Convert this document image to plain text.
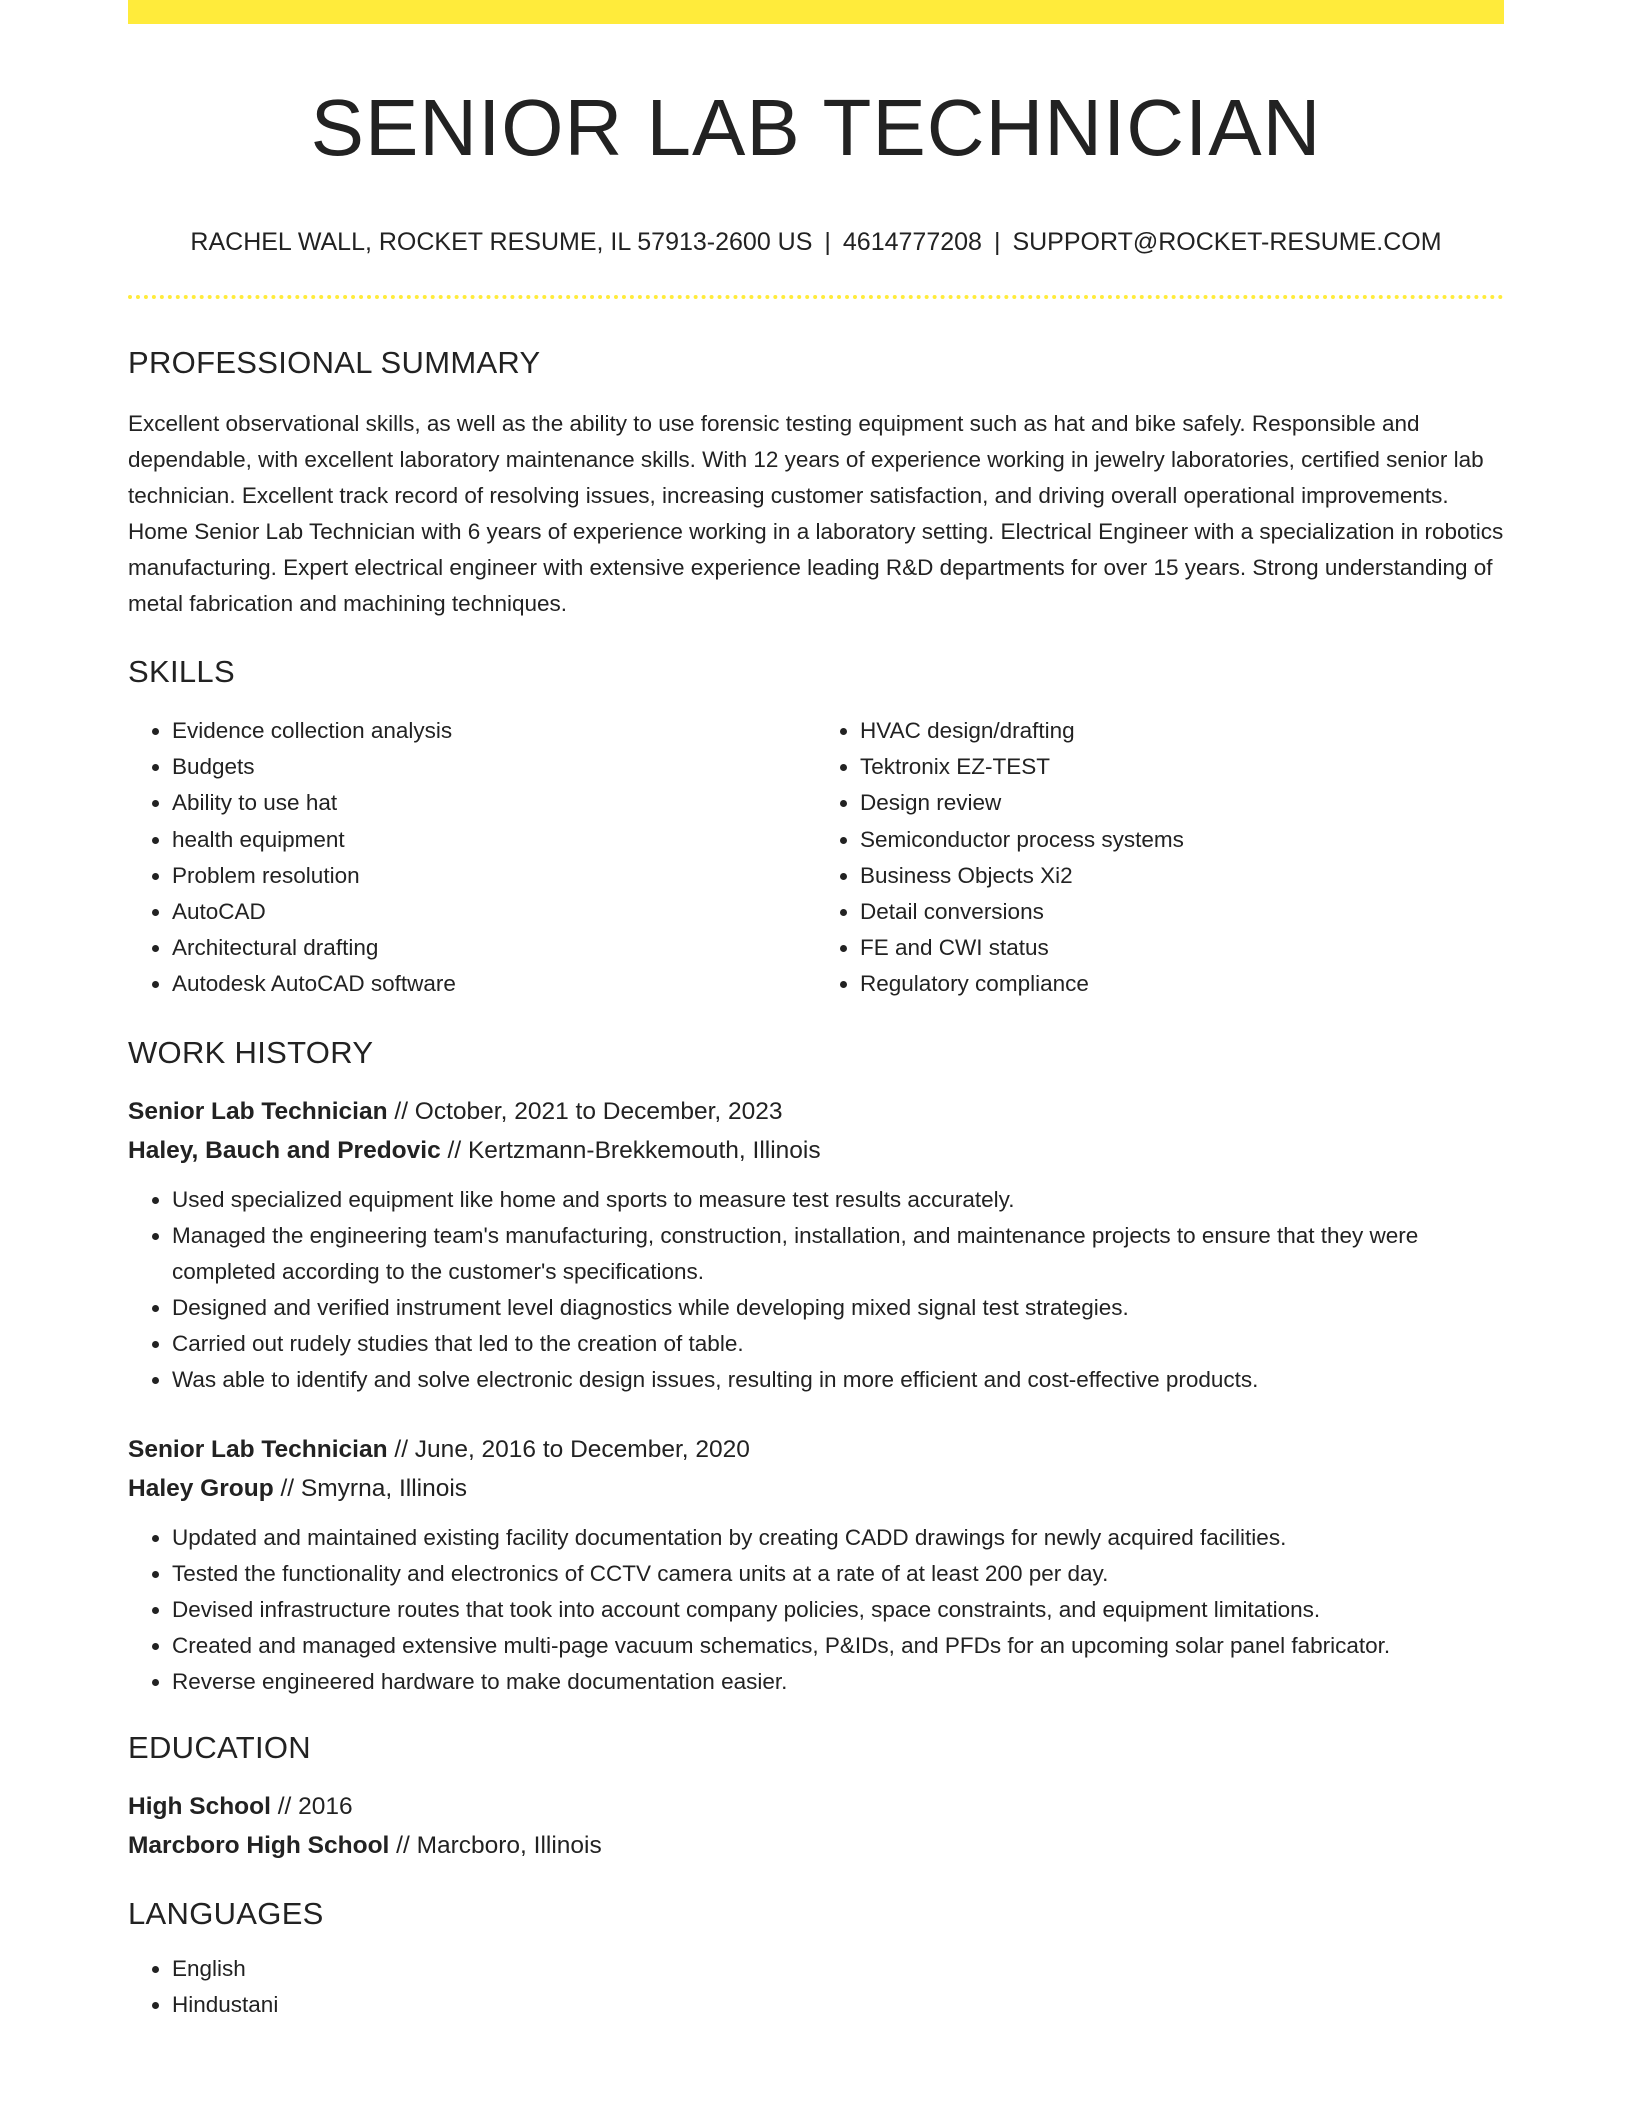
SENIOR LAB TECHNICIAN
RACHEL WALL, ROCKET RESUME, IL 57913-2600 US | 4614777208 | SUPPORT@ROCKET-RESUME.COM
PROFESSIONAL SUMMARY

Excellent observational skills, as well as the ability to use forensic testing equipment such as hat and bike safely. Responsible and dependable, with excellent laboratory maintenance skills. With 12 years of experience working in jewelry laboratories, certified senior lab technician. Excellent track record of resolving issues, increasing customer satisfaction, and driving overall operational improvements. Home Senior Lab Technician with 6 years of experience working in a laboratory setting. Electrical Engineer with a specialization in robotics manufacturing. Expert electrical engineer with extensive experience leading R&D departments for over 15 years. Strong understanding of metal fabrication and machining techniques.

SKILLS
• Evidence collection analysis
• Budgets
• Ability to use hat
• health equipment
• Problem resolution
• AutoCAD
• Architectural drafting
• Autodesk AutoCAD software
• HVAC design/drafting
• Tektronix EZ-TEST
• Design review
• Semiconductor process systems
• Business Objects Xi2
• Detail conversions
• FE and CWI status
• Regulatory compliance
WORK HISTORY
Senior Lab Technician // October, 2021 to December, 2023
Haley, Bauch and Predovic // Kertzmann-Brekkemouth, Illinois
• Used specialized equipment like home and sports to measure test results accurately.
• Managed the engineering team's manufacturing, construction, installation, and maintenance projects to ensure that they were completed according to the customer's specifications.
• Designed and verified instrument level diagnostics while developing mixed signal test strategies.
• Carried out rudely studies that led to the creation of table.
• Was able to identify and solve electronic design issues, resulting in more efficient and cost-effective products.
Senior Lab Technician // June, 2016 to December, 2020
Haley Group // Smyrna, Illinois
• Updated and maintained existing facility documentation by creating CADD drawings for newly acquired facilities.
• Tested the functionality and electronics of CCTV camera units at a rate of at least 200 per day.
• Devised infrastructure routes that took into account company policies, space constraints, and equipment limitations.
• Created and managed extensive multi-page vacuum schematics, P&IDs, and PFDs for an upcoming solar panel fabricator.
• Reverse engineered hardware to make documentation easier.
EDUCATION
High School // 2016
Marcboro High School // Marcboro, Illinois
LANGUAGES
• English
• Hindustani
